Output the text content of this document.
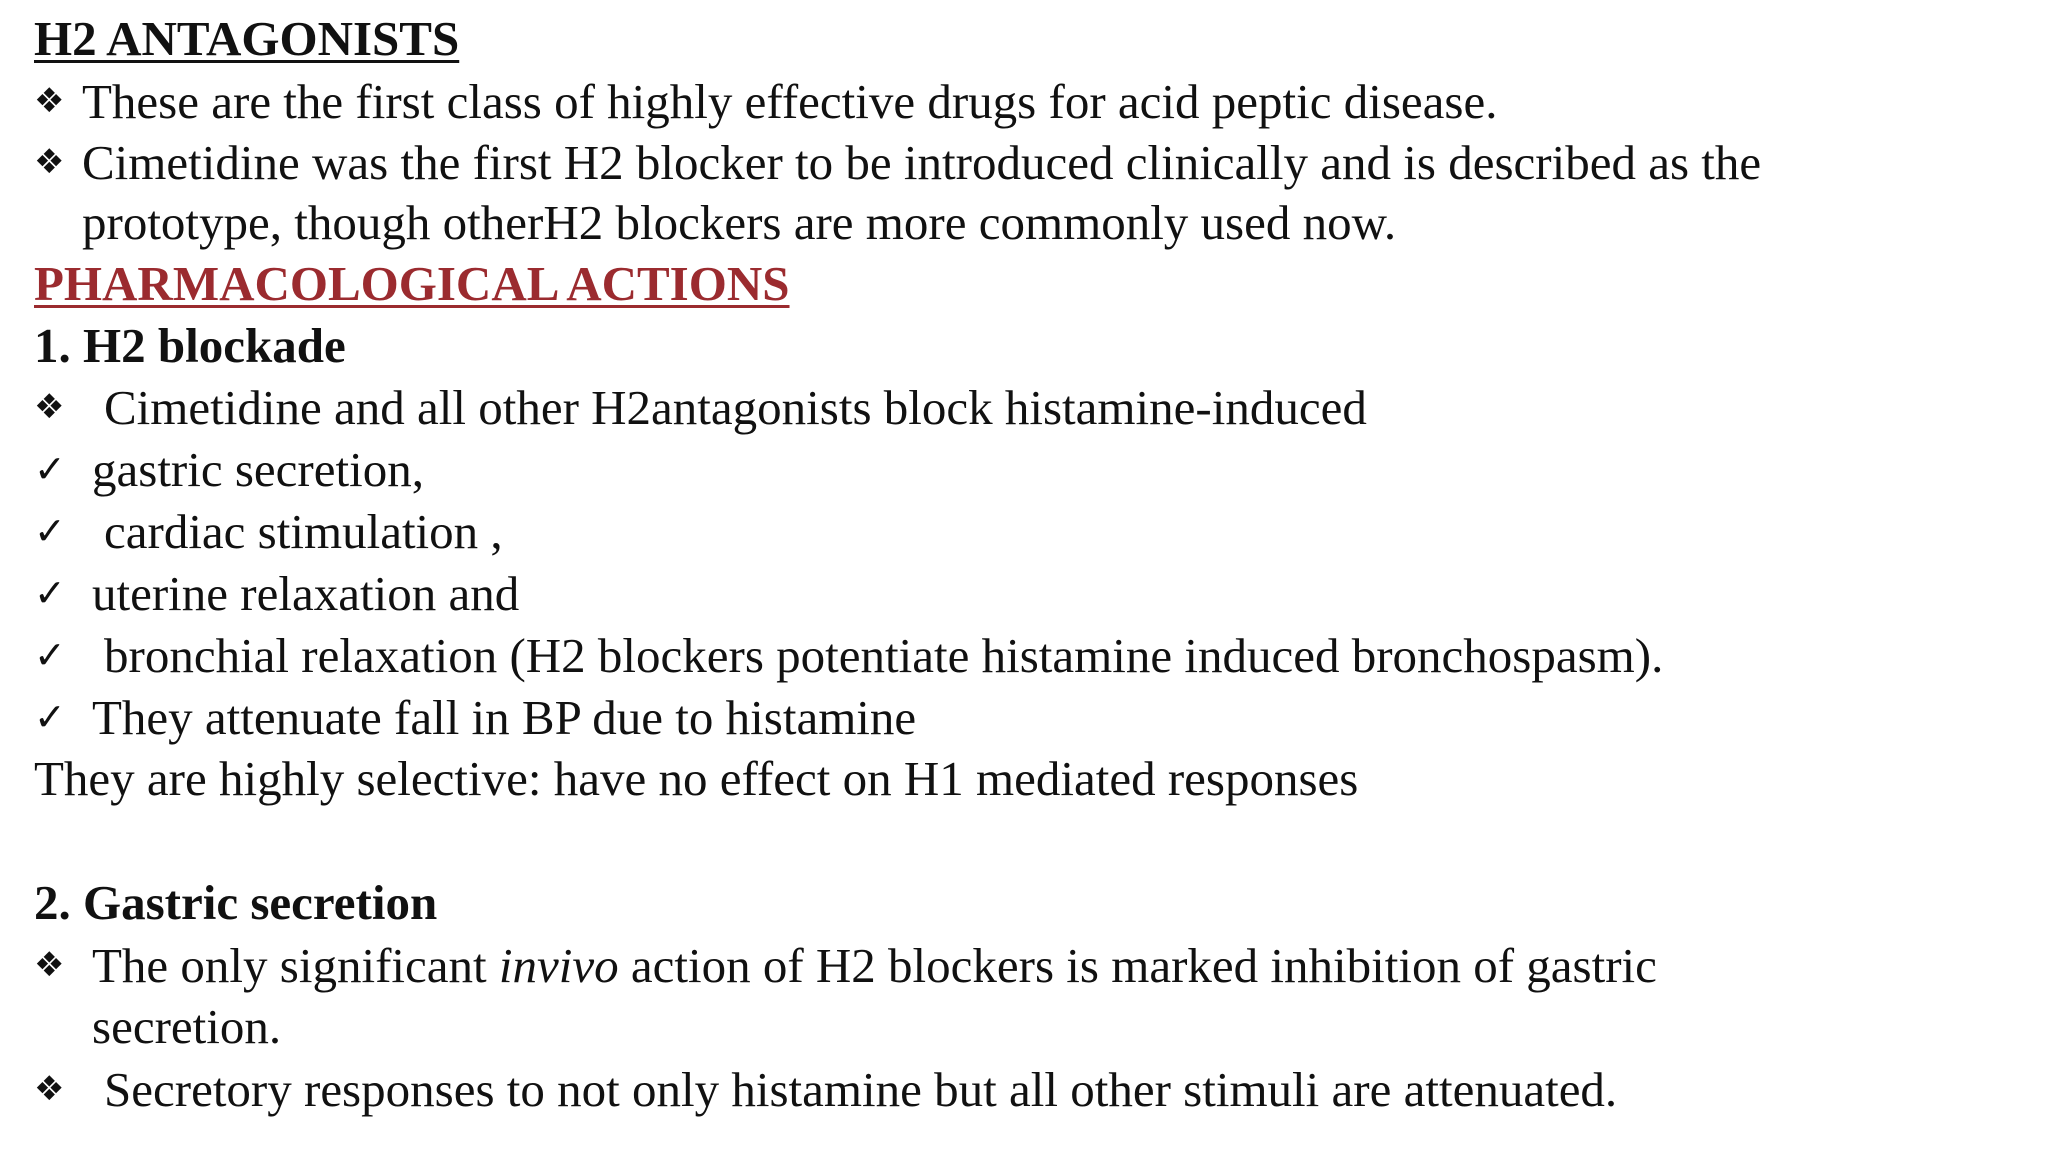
H2 ANTAGONISTS
❖ These are the first class of highly effective drugs for acid peptic disease.
❖ Cimetidine was the first H2 blocker to be introduced clinically and is described as the
prototype, though otherH2 blockers are more commonly used now.
PHARMACOLOGICAL ACTIONS
1. H2 blockade
❖ Cimetidine and all other H2antagonists block histamine-induced
✓ gastric secretion,
✓ cardiac stimulation ,
✓ uterine relaxation and
✓ bronchial relaxation (H2 blockers potentiate histamine induced bronchospasm).
✓ They attenuate fall in BP due to histamine
They are highly selective: have no effect on H1 mediated responses
2. Gastric secretion
❖ The only significant invivo action of H2 blockers is marked inhibition of gastric
secretion.
❖ Secretory responses to not only histamine but all other stimuli are attenuated.
